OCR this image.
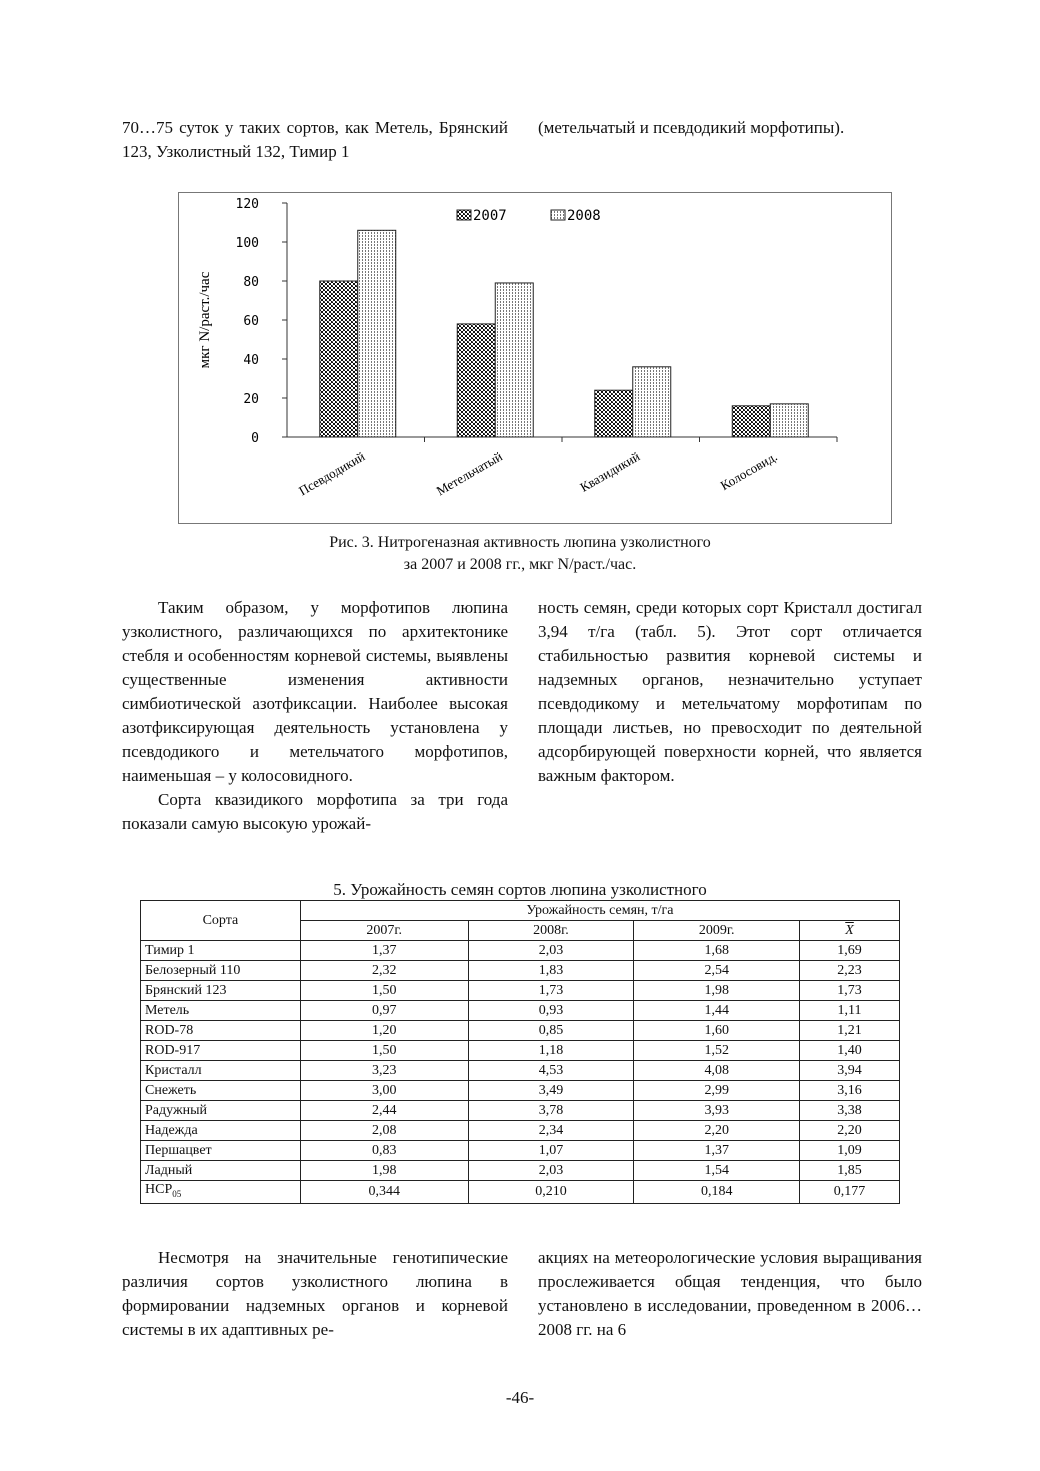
70…75 суток у таких сортов, как Метель, Брянский 123, Узколистный 132, Тимир 1

(метельчатый и псевдодикий морфотипы).

0
20
40
60
80
100
120
мкг N/раст./час
Псевдодикий	Метельчатый	Квазидикий	Колосовид.
2007	2008
Рис. 3. Нитрогеназная активность люпина узколистного
за 2007 и 2008 гг., мкг N/раст./час.

Таким образом, у морфотипов люпина узколистного, различающихся по архитектонике стебля и особенностям корневой системы, выявлены существенные изменения активности симбиотической азотфиксации. Наиболее высокая азотфиксирующая деятельность установлена у псевдодикого и метельчатого морфотипов, наименьшая – у колосовидного.

Сорта квазидикого морфотипа за три года показали самую высокую урожай-

ность семян, среди которых сорт Кристалл достигал 3,94 т/га (табл. 5). Этот сорт отличается стабильностью развития корневой системы и надземных органов, незначительно уступает псевдодикому и метельчатому морфотипам по площади листьев, но превосходит по деятельной адсорбирующей поверхности корней, что является важным фактором.

5. Урожайность семян сортов люпина узколистного
Сорта	Урожайность семян, т/га			
	2007г.	2008г.	2009г.	$\overline{X}$
Тимир 1	1,37	2,03	1,68	1,69
Белозерный 110	2,32	1,83	2,54	2,23
Брянский 123	1,50	1,73	1,98	1,73
Метель	0,97	0,93	1,44	1,11
ROD-78	1,20	0,85	1,60	1,21
ROD-917	1,50	1,18	1,52	1,40
Кристалл	3,23	4,53	4,08	3,94
Снежеть	3,00	3,49	2,99	3,16
Радужный	2,44	3,78	3,93	3,38
Надежда	2,08	2,34	2,20	2,20
Першацвет	0,83	1,07	1,37	1,09
Ладный	1,98	2,03	1,54	1,85
$НСР_{05}$	0,344	0,210	0,184	0,177

Несмотря на значительные генотипические различия сортов узколистного люпина в формировании надземных органов и корневой системы в их адаптивных ре-

акциях на метеорологические условия выращивания прослеживается общая тенденция, что было установлено в исследовании, проведенном в 2006…2008 гг. на 6

-46-
